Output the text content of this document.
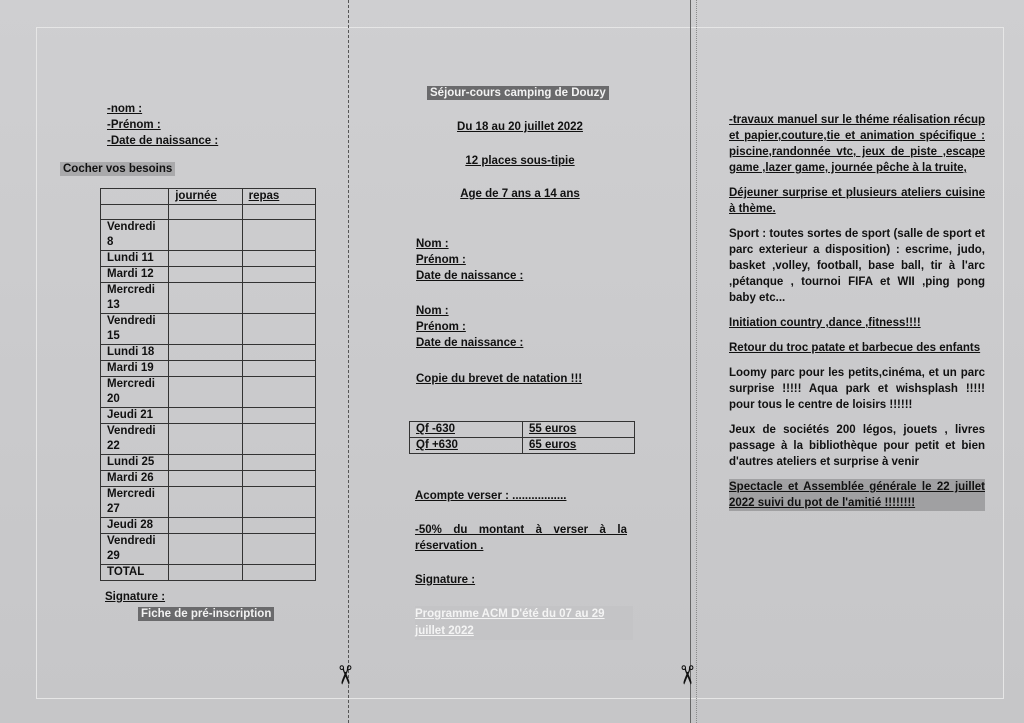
-nom :
-Prénom :
-Date de naissance :
Cocher vos besoins
	journée	repas

Vendredi 8		
Lundi 11		
Mardi 12		
Mercredi 13		
Vendredi 15		
Lundi 18		
Mardi 19		
Mercredi 20		
Jeudi 21		
Vendredi 22		
Lundi 25		
Mardi 26		
Mercredi 27		
Jeudi 28		
Vendredi 29		
TOTAL		
Signature :
Fiche de pré-inscription
Séjour-cours camping de Douzy
Du 18 au 20 juillet 2022
12 places sous-tipie
Age de 7 ans a 14 ans
Nom :
Prénom :
Date de naissance :
Nom :
Prénom :
Date de naissance :
Copie du brevet de natation !!!
Qf -630	55 euros
Qf +630	65 euros
Acompte verser : .................
-50% du montant à verser à la réservation .
Signature :
Programme ACM D'été du 07 au 29 juillet 2022

-travaux manuel sur le théme réalisation récup et papier,couture,tie et animation spécifique : piscine,randonnée vtc, jeux de piste ,escape game ,lazer game, journée pêche à la truite,

Déjeuner surprise et plusieurs ateliers cuisine à thème.

Sport : toutes sortes de sport (salle de sport et parc exterieur a disposition) : escrime, judo, basket ,volley, football, base ball, tir à l'arc ,pétanque , tournoi FIFA et WII ,ping pong baby etc...

Initiation country ,dance ,fitness!!!!

Retour du troc patate et barbecue des enfants

Loomy parc pour les petits,cinéma, et un parc surprise !!!!! Aqua park et wishsplash !!!!! pour tous le centre de loisirs !!!!!!

Jeux de sociétés 200 légos, jouets , livres passage à la bibliothèque pour petit et bien d'autres ateliers et surprise à venir

Spectacle et Assemblée générale le 22 juillet 2022 suivi du pot de l'amitié !!!!!!!!

✂	✂
